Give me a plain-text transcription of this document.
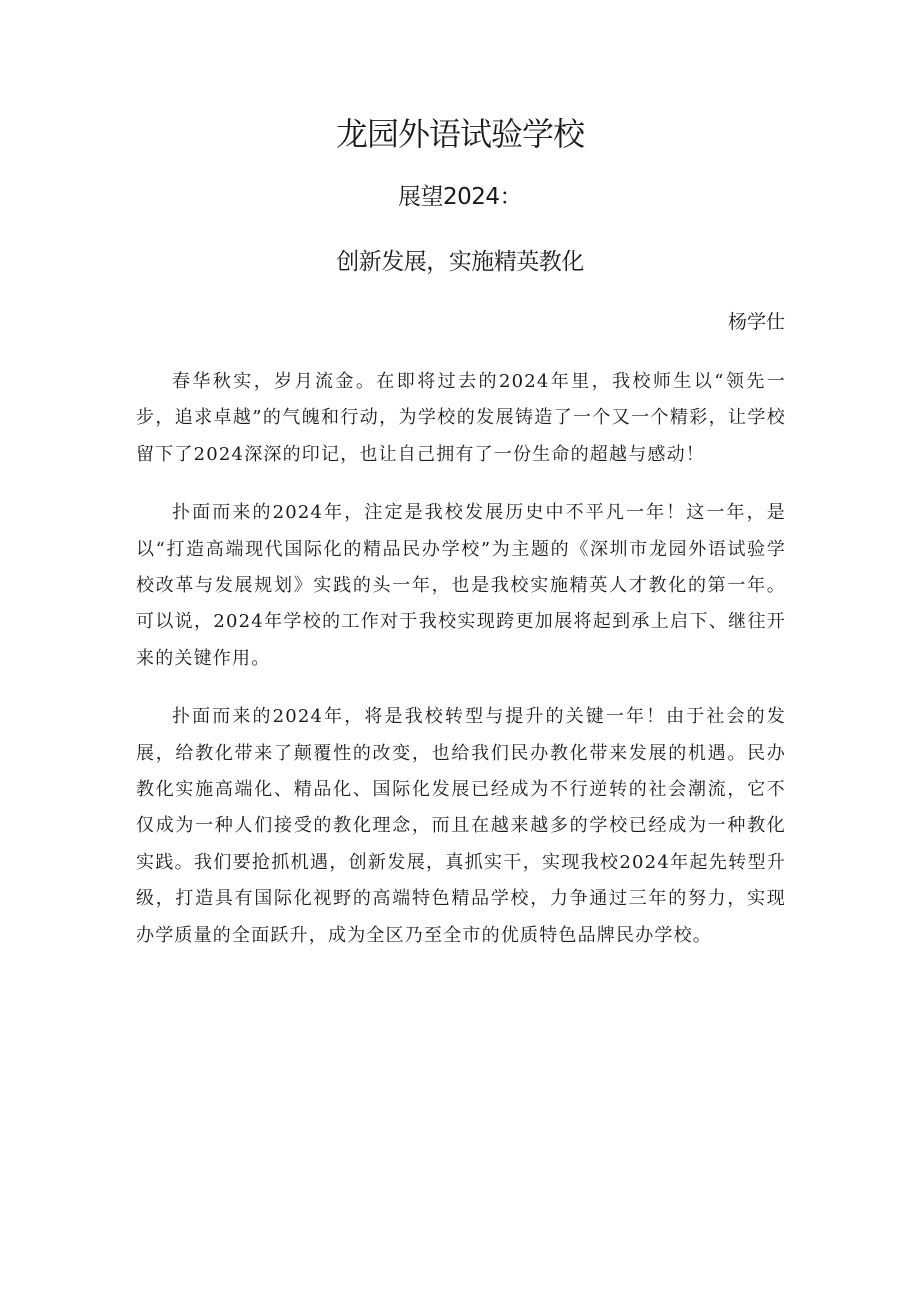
龙园外语试验学校
展望2024：
创新发展，实施精英教化
杨学仕

春华秋实，岁月流金。在即将过去的2024年里，我校师生以“领先一步，追求卓越”的气魄和行动，为学校的发展铸造了一个又一个精彩，让学校留下了2024深深的印记，也让自己拥有了一份生命的超越与感动！

扑面而来的2024年，注定是我校发展历史中不平凡一年！这一年，是以“打造高端现代国际化的精品民办学校”为主题的《深圳市龙园外语试验学校改革与发展规划》实践的头一年，也是我校实施精英人才教化的第一年。可以说，2024年学校的工作对于我校实现跨更加展将起到承上启下、继往开来的关键作用。

扑面而来的2024年，将是我校转型与提升的关键一年！由于社会的发展，给教化带来了颠覆性的改变，也给我们民办教化带来发展的机遇。民办教化实施高端化、精品化、国际化发展已经成为不行逆转的社会潮流，它不仅成为一种人们接受的教化理念，而且在越来越多的学校已经成为一种教化实践。我们要抢抓机遇，创新发展，真抓实干，实现我校2024年起先转型升级，打造具有国际化视野的高端特色精品学校，力争通过三年的努力，实现办学质量的全面跃升，成为全区乃至全市的优质特色品牌民办学校。
